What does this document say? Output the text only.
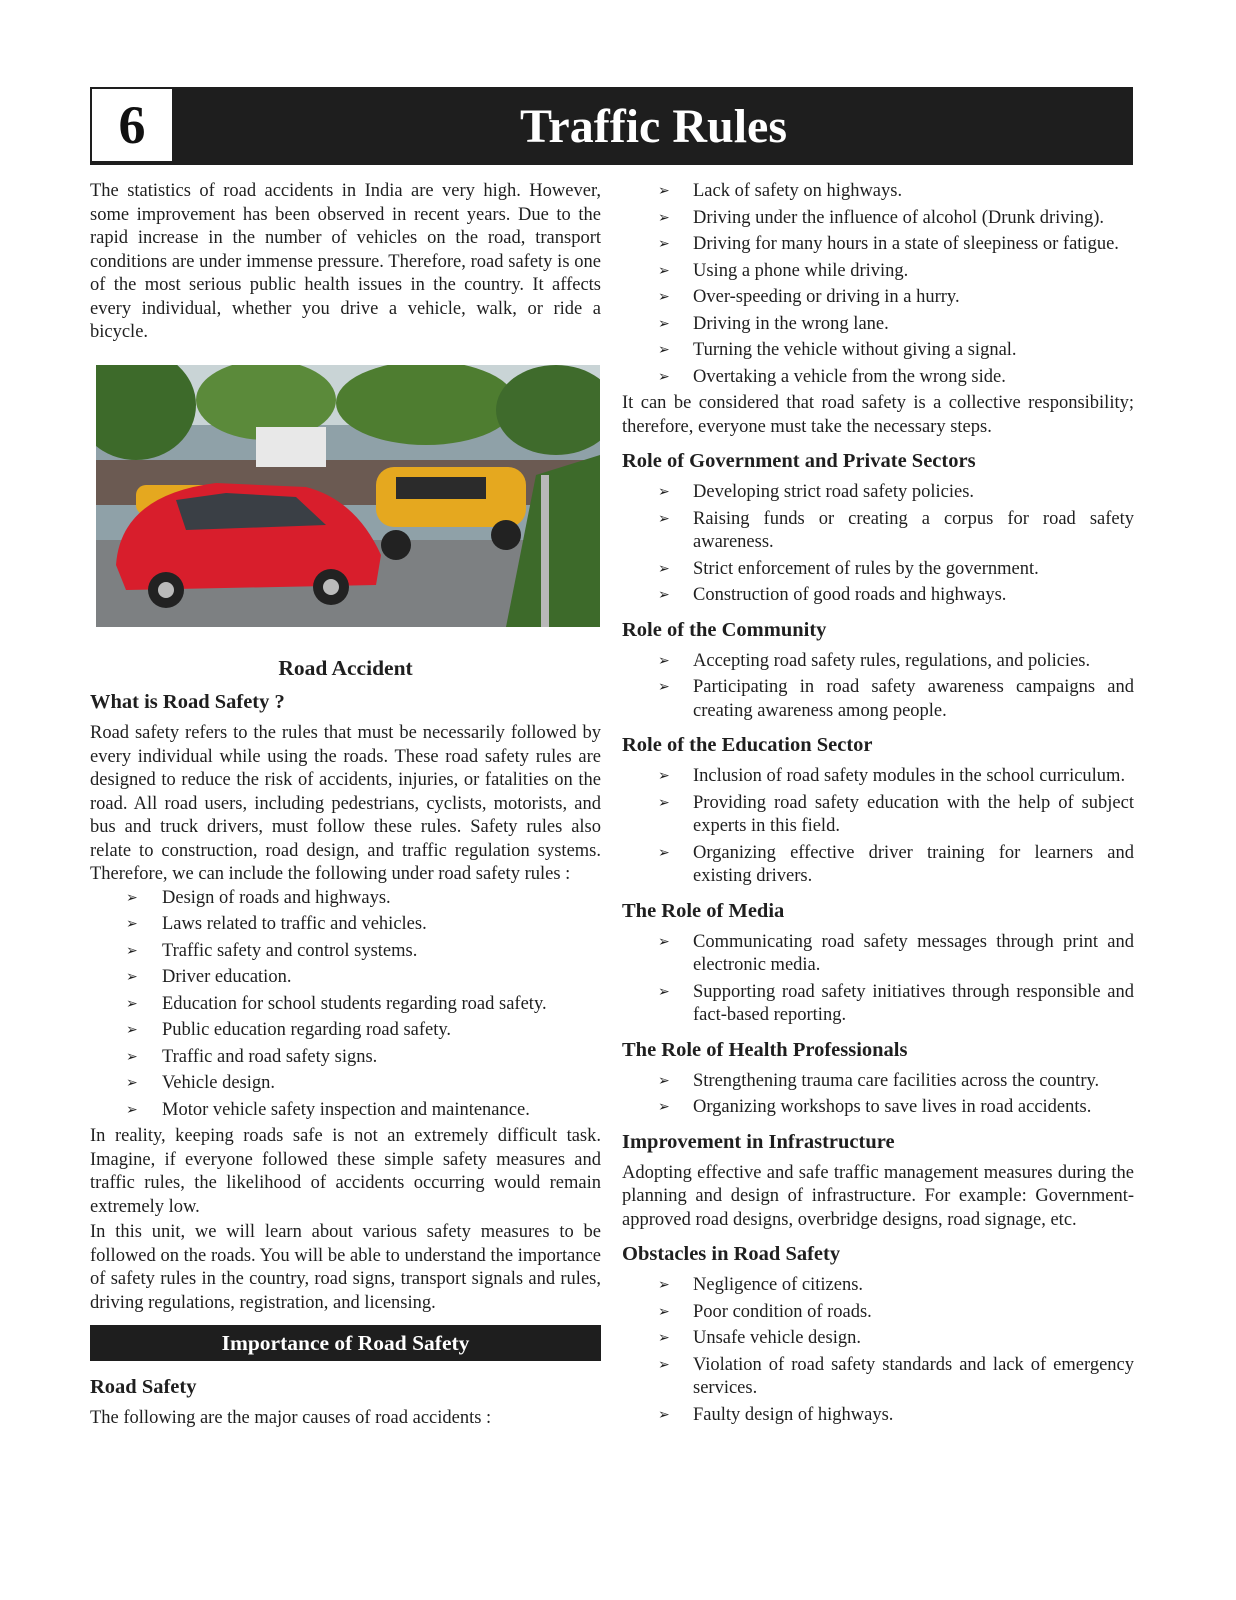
6	Traffic Rules

The statistics of road accidents in India are very high. However, some improvement has been observed in recent years. Due to the rapid increase in the number of vehicles on the road, transport conditions are under immense pressure. Therefore, road safety is one of the most serious public health issues in the country. It affects every individual, whether you drive a vehicle, walk, or ride a bicycle.

Road Accident
What is Road Safety ?

Road safety refers to the rules that must be necessarily followed by every individual while using the roads. These road safety rules are designed to reduce the risk of accidents, injuries, or fatalities on the road. All road users, including pedestrians, cyclists, motorists, and bus and truck drivers, must follow these rules. Safety rules also relate to construction, road design, and traffic regulation systems. Therefore, we can include the following under road safety rules :

➢ Design of roads and highways.
➢ Laws related to traffic and vehicles.
➢ Traffic safety and control systems.
➢ Driver education.
➢ Education for school students regarding road safety.
➢ Public education regarding road safety.
➢ Traffic and road safety signs.
➢ Vehicle design.
➢ Motor vehicle safety inspection and maintenance.

In reality, keeping roads safe is not an extremely difficult task. Imagine, if everyone followed these simple safety measures and traffic rules, the likelihood of accidents occurring would remain extremely low.

In this unit, we will learn about various safety measures to be followed on the roads. You will be able to understand the importance of safety rules in the country, road signs, transport signals and rules, driving regulations, registration, and licensing.

Importance of Road Safety
Road Safety

The following are the major causes of road accidents :

➢ Lack of safety on highways.
➢ Driving under the influence of alcohol (Drunk driving).
➢ Driving for many hours in a state of sleepiness or fatigue.
➢ Using a phone while driving.
➢ Over-speeding or driving in a hurry.
➢ Driving in the wrong lane.
➢ Turning the vehicle without giving a signal.
➢ Overtaking a vehicle from the wrong side.

It can be considered that road safety is a collective responsibility; therefore, everyone must take the necessary steps.

Role of Government and Private Sectors
➢ Developing strict road safety policies.
➢ Raising funds or creating a corpus for road safety awareness.
➢ Strict enforcement of rules by the government.
➢ Construction of good roads and highways.
Role of the Community
➢ Accepting road safety rules, regulations, and policies.
➢ Participating in road safety awareness campaigns and creating awareness among people.
Role of the Education Sector
➢ Inclusion of road safety modules in the school curriculum.
➢ Providing road safety education with the help of subject experts in this field.
➢ Organizing effective driver training for learners and existing drivers.
The Role of Media
➢ Communicating road safety messages through print and electronic media.
➢ Supporting road safety initiatives through responsible and fact-based reporting.
The Role of Health Professionals
➢ Strengthening trauma care facilities across the country.
➢ Organizing workshops to save lives in road accidents.
Improvement in Infrastructure

Adopting effective and safe traffic management measures during the planning and design of infrastructure. For example: Government-approved road designs, overbridge designs, road signage, etc.

Obstacles in Road Safety
➢ Negligence of citizens.
➢ Poor condition of roads.
➢ Unsafe vehicle design.
➢ Violation of road safety standards and lack of emergency services.
➢ Faulty design of highways.
